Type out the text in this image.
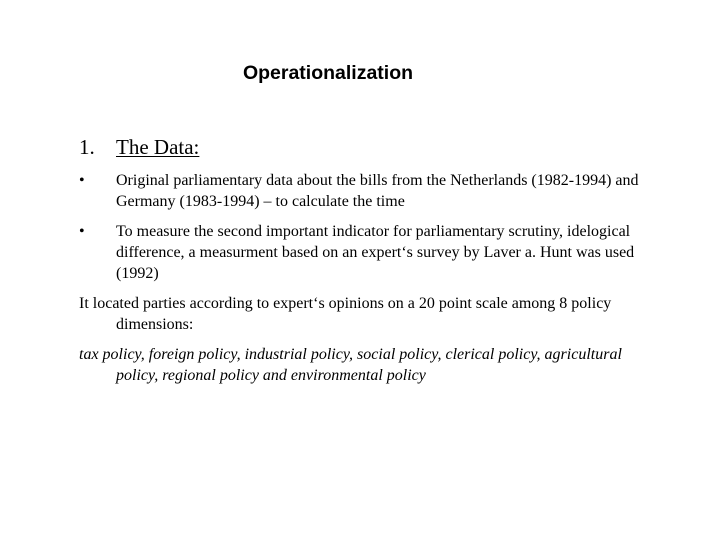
Operationalization
1. The Data:
• Original parliamentary data about the bills from the Netherlands (1982-1994) and Germany (1983-1994) – to calculate the time
• To measure the second important indicator for parliamentary scrutiny, idelogical difference, a measurment based on an expert‘s survey by Laver a. Hunt was used (1992)
It located parties according to expert‘s opinions on a 20 point scale among 8 policy dimensions:
tax policy, foreign policy, industrial policy, social policy, clerical policy, agricultural policy, regional policy and environmental policy
